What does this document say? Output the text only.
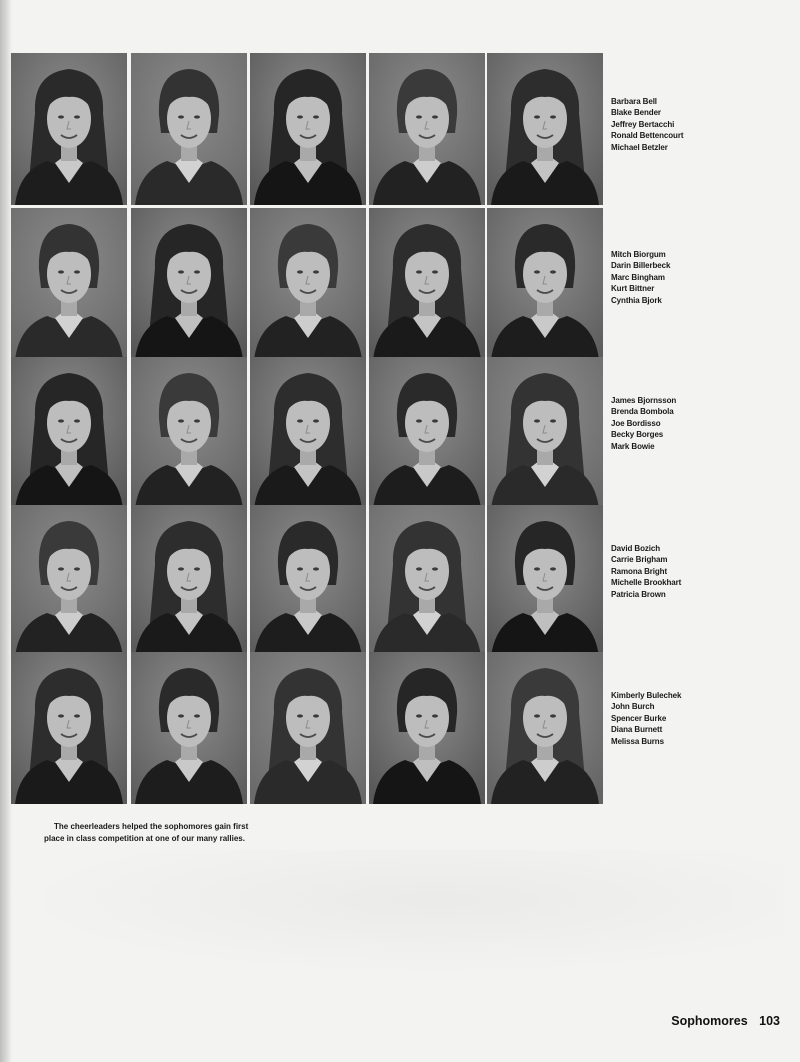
Barbara Bell
Blake Bender
Jeffrey Bertacchi
Ronald Bettencourt
Michael Betzler
Mitch Biorgum
Darin Billerbeck
Marc Bingham
Kurt Bittner
Cynthia Bjork
James Bjornsson
Brenda Bombola
Joe Bordisso
Becky Borges
Mark Bowie
David Bozich
Carrie Brigham
Ramona Bright
Michelle Brookhart
Patricia Brown
Kimberly Bulechek
John Burch
Spencer Burke
Diana Burnett
Melissa Burns
The cheerleaders helped the sophomores gain first place in class competition at one of our many rallies.
Sophomores 103
